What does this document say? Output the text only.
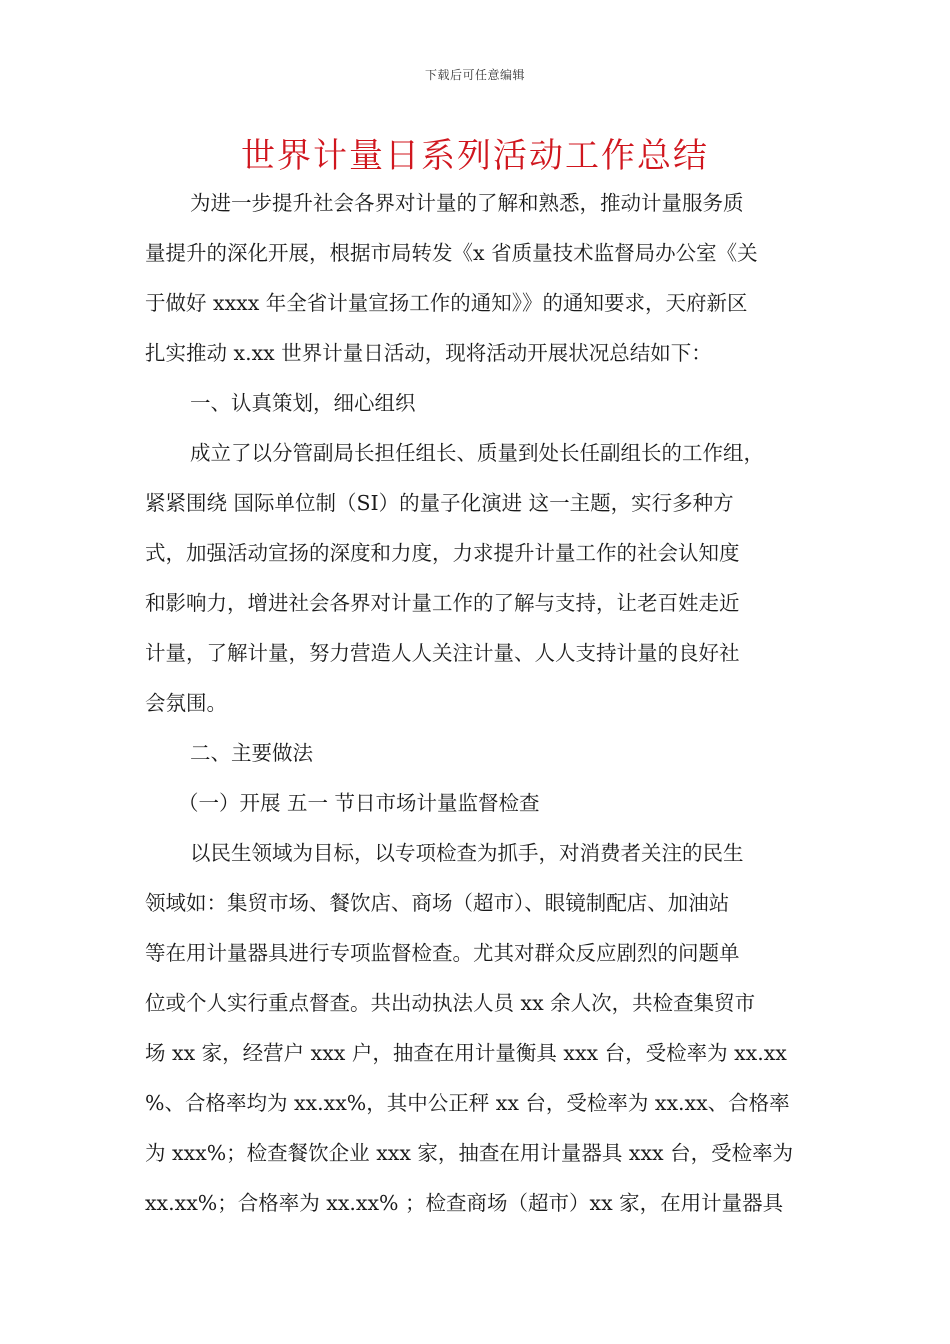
下载后可任意编辑
世界计量日系列活动工作总结
为进一步提升社会各界对计量的了解和熟悉，推动计量服务质
量提升的深化开展，根据市局转发《x 省质量技术监督局办公室《关
于做好 xxxx 年全省计量宣扬工作的通知》》的通知要求，天府新区
扎实推动 x.xx 世界计量日活动，现将活动开展状况总结如下：
一、认真策划，细心组织
成立了以分管副局长担任组长、质量到处长任副组长的工作组，
紧紧围绕 国际单位制（SI）的量子化演进 这一主题，实行多种方
式，加强活动宣扬的深度和力度，力求提升计量工作的社会认知度
和影响力，增进社会各界对计量工作的了解与支持，让老百姓走近
计量，了解计量，努力营造人人关注计量、人人支持计量的良好社
会氛围。
二、主要做法
（一）开展 五一 节日市场计量监督检查
以民生领域为目标，以专项检查为抓手，对消费者关注的民生
领域如：集贸市场、餐饮店、商场（超市）、眼镜制配店、加油站
等在用计量器具进行专项监督检查。尤其对群众反应剧烈的问题单
位或个人实行重点督查。共出动执法人员 xx 余人次，共检查集贸市
场 xx 家，经营户 xxx 户，抽查在用计量衡具 xxx 台，受检率为 xx.xx
%、合格率均为 xx.xx%，其中公正秤 xx 台，受检率为 xx.xx、合格率
为 xxx%；检查餐饮企业 xxx 家，抽查在用计量器具 xxx 台，受检率为
xx.xx%；合格率为 xx.xx% ；检查商场（超市）xx 家，在用计量器具
